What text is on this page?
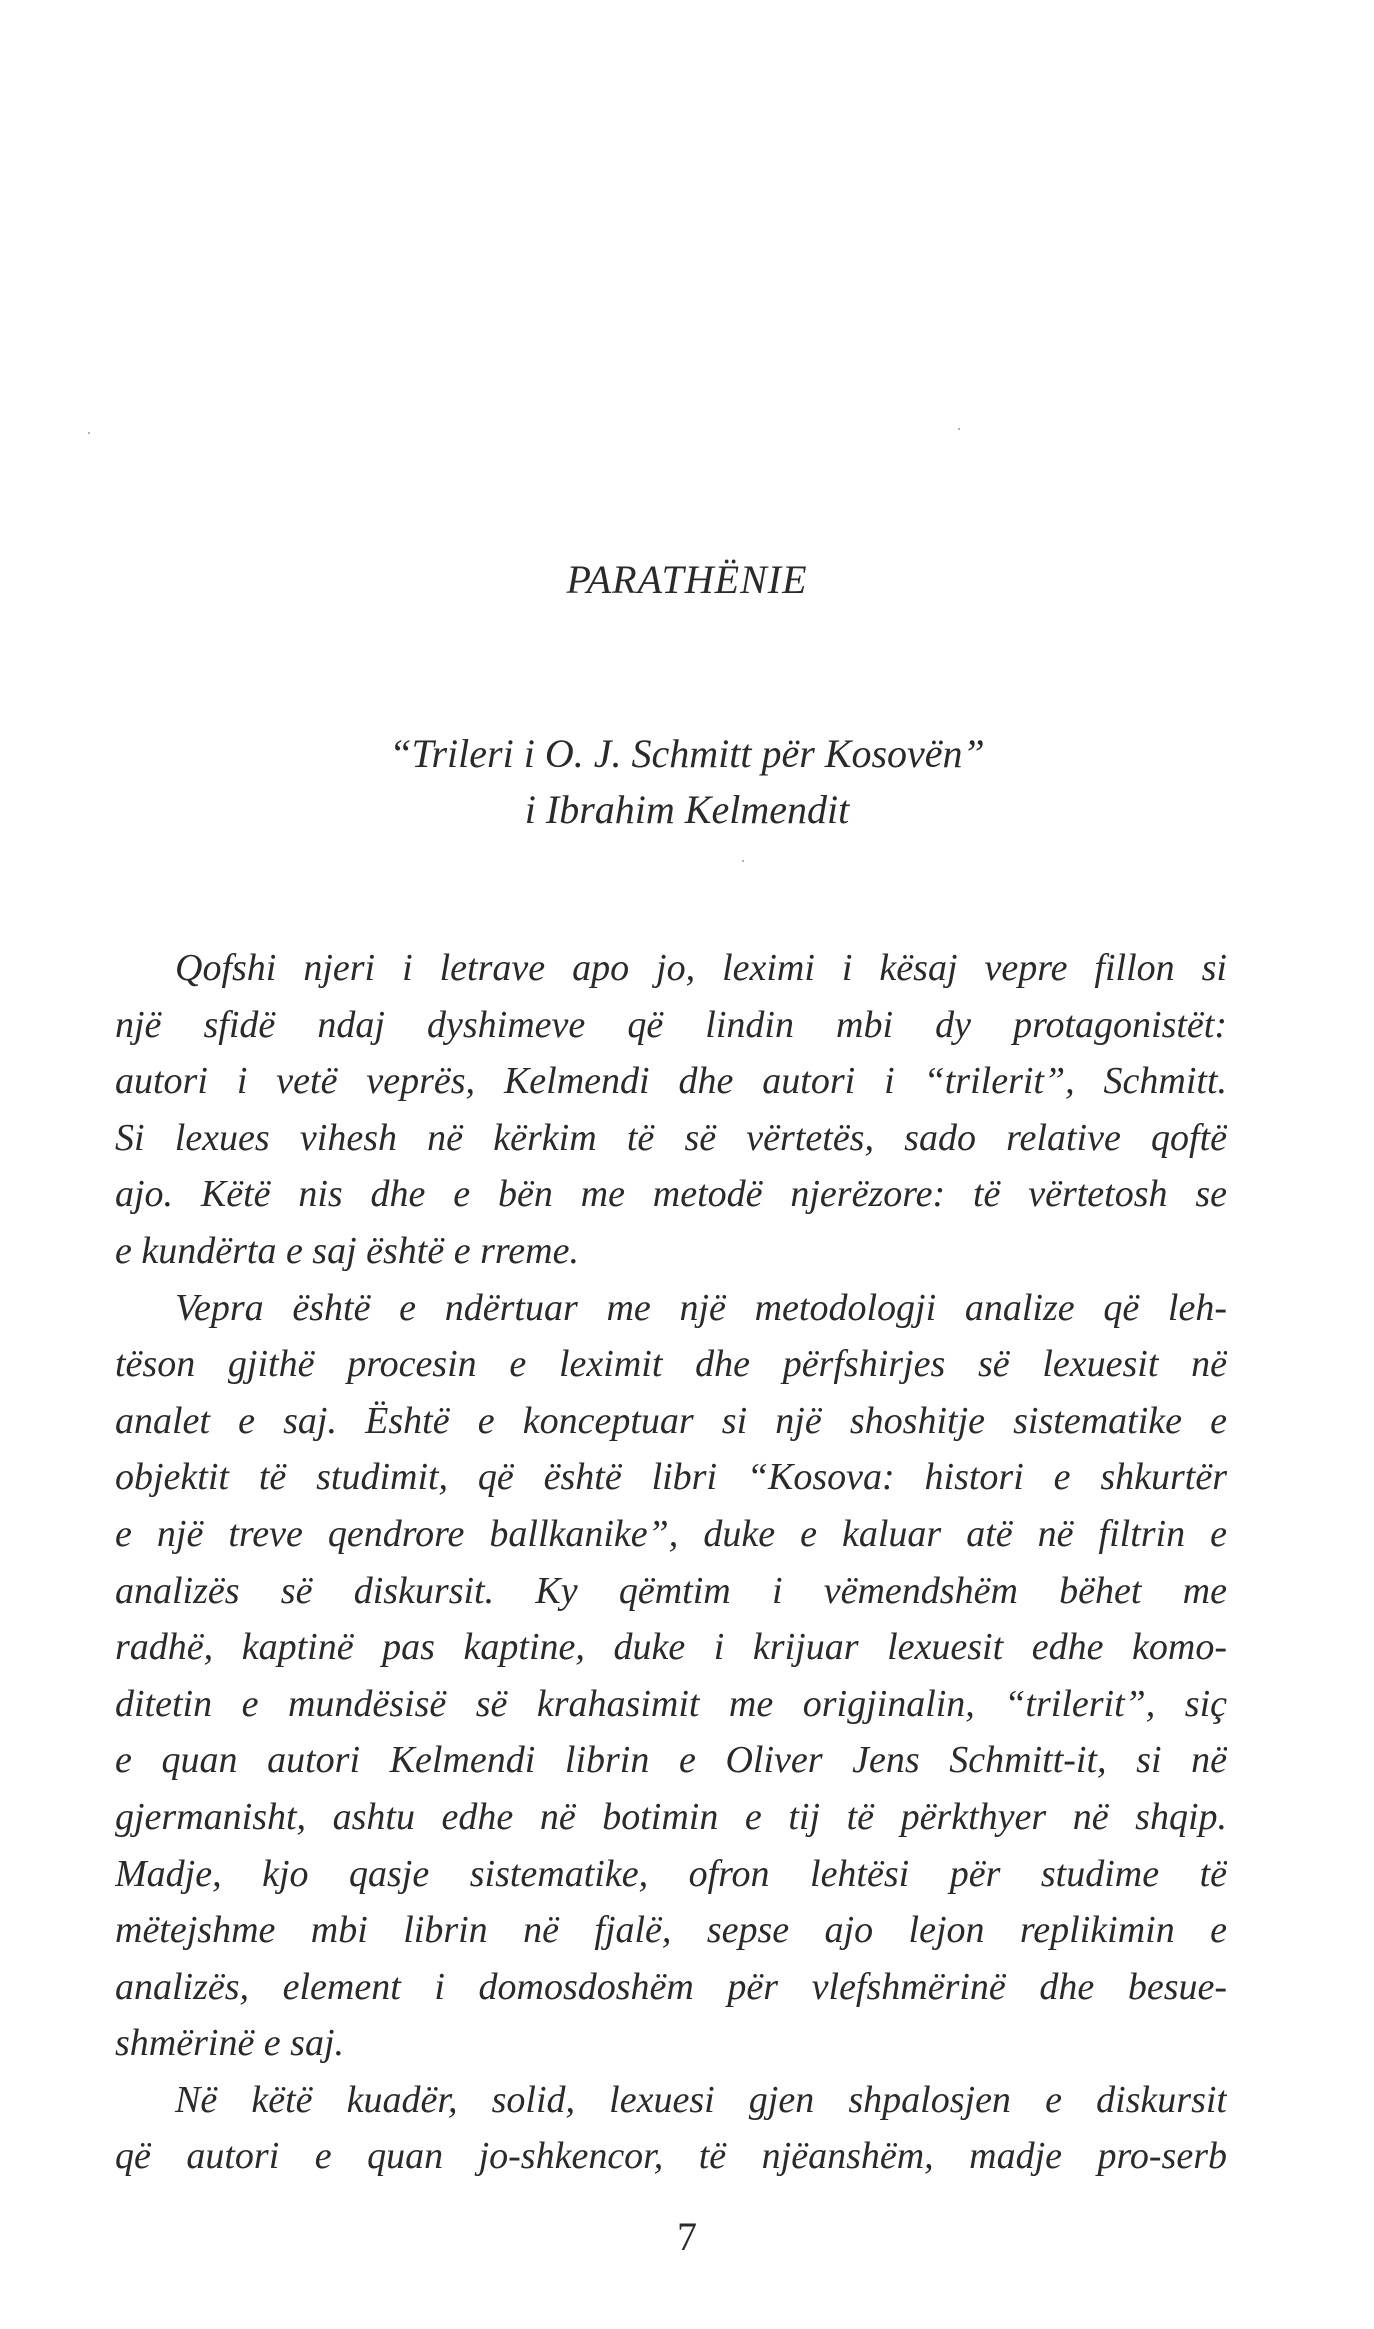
PARATHËNIE
“Trileri i O. J. Schmitt për Kosovën”
i Ibrahim Kelmendit
Qofshi njeri i letrave apo jo, leximi i kësaj vepre fillon si
një sfidë ndaj dyshimeve që lindin mbi dy protagonistët:
autori i vetë veprës, Kelmendi dhe autori i “trilerit”, Schmitt.
Si lexues vihesh në kërkim të së vërtetës, sado relative qoftë
ajo. Këtë nis dhe e bën me metodë njerëzore: të vërtetosh se
e kundërta e saj është e rreme.
Vepra është e ndërtuar me një metodologji analize që leh-
tëson gjithë procesin e leximit dhe përfshirjes së lexuesit në
analet e saj. Është e konceptuar si një shoshitje sistematike e
objektit të studimit, që është libri “Kosova: histori e shkurtër
e një treve qendrore ballkanike”, duke e kaluar atë në filtrin e
analizës së diskursit. Ky qëmtim i vëmendshëm bëhet me
radhë, kaptinë pas kaptine, duke i krijuar lexuesit edhe komo-
ditetin e mundësisë së krahasimit me origjinalin, “trilerit”, siç
e quan autori Kelmendi librin e Oliver Jens Schmitt-it, si në
gjermanisht, ashtu edhe në botimin e tij të përkthyer në shqip.
Madje, kjo qasje sistematike, ofron lehtësi për studime të
mëtejshme mbi librin në fjalë, sepse ajo lejon replikimin e
analizës, element i domosdoshëm për vlefshmërinë dhe besue-
shmërinë e saj.
Në këtë kuadër, solid, lexuesi gjen shpalosjen e diskursit
që autori e quan jo-shkencor, të njëanshëm, madje pro-serb
7
